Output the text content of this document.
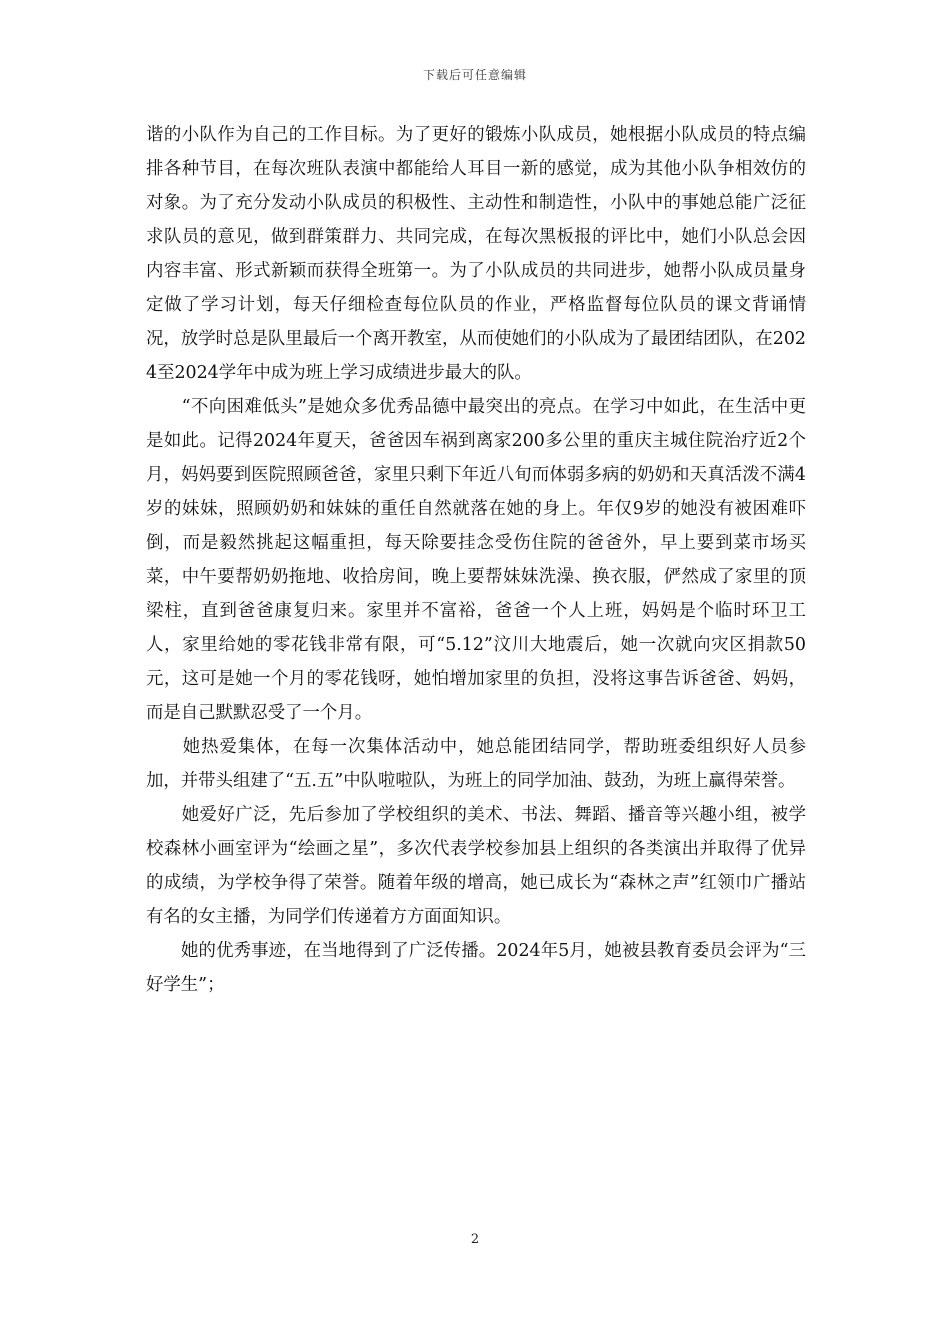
下载后可任意编辑

谐的小队作为自己的工作目标。为了更好的锻炼小队成员，她根据小队成员的特点编排各种节目，在每次班队表演中都能给人耳目一新的感觉，成为其他小队争相效仿的对象。为了充分发动小队成员的积极性、主动性和制造性，小队中的事她总能广泛征求队员的意见，做到群策群力、共同完成，在每次黑板报的评比中，她们小队总会因内容丰富、形式新颖而获得全班第一。为了小队成员的共同进步，她帮小队成员量身定做了学习计划，每天仔细检查每位队员的作业，严格监督每位队员的课文背诵情况，放学时总是队里最后一个离开教室，从而使她们的小队成为了最团结团队，在2024至2024学年中成为班上学习成绩进步最大的队。

　　“不向困难低头”是她众多优秀品德中最突出的亮点。在学习中如此，在生活中更是如此。记得2024年夏天，爸爸因车祸到离家200多公里的重庆主城住院治疗近2个月，妈妈要到医院照顾爸爸，家里只剩下年近八旬而体弱多病的奶奶和天真活泼不满4岁的妹妹，照顾奶奶和妹妹的重任自然就落在她的身上。年仅9岁的她没有被困难吓倒，而是毅然挑起这幅重担，每天除要挂念受伤住院的爸爸外，早上要到菜市场买菜，中午要帮奶奶拖地、收拾房间，晚上要帮妹妹洗澡、换衣服，俨然成了家里的顶梁柱，直到爸爸康复归来。家里并不富裕，爸爸一个人上班，妈妈是个临时环卫工人，家里给她的零花钱非常有限，可“5.12”汶川大地震后，她一次就向灾区捐款50元，这可是她一个月的零花钱呀，她怕增加家里的负担，没将这事告诉爸爸、妈妈，而是自己默默忍受了一个月。

　　她热爱集体，在每一次集体活动中，她总能团结同学，帮助班委组织好人员参加，并带头组建了“五.五”中队啦啦队，为班上的同学加油、鼓劲，为班上赢得荣誉。

　　她爱好广泛，先后参加了学校组织的美术、书法、舞蹈、播音等兴趣小组，被学校森林小画室评为“绘画之星”，多次代表学校参加县上组织的各类演出并取得了优异的成绩，为学校争得了荣誉。随着年级的增高，她已成长为“森林之声”红领巾广播站有名的女主播，为同学们传递着方方面面知识。

　　她的优秀事迹，在当地得到了广泛传播。2024年5月，她被县教育委员会评为“三好学生”；

2
